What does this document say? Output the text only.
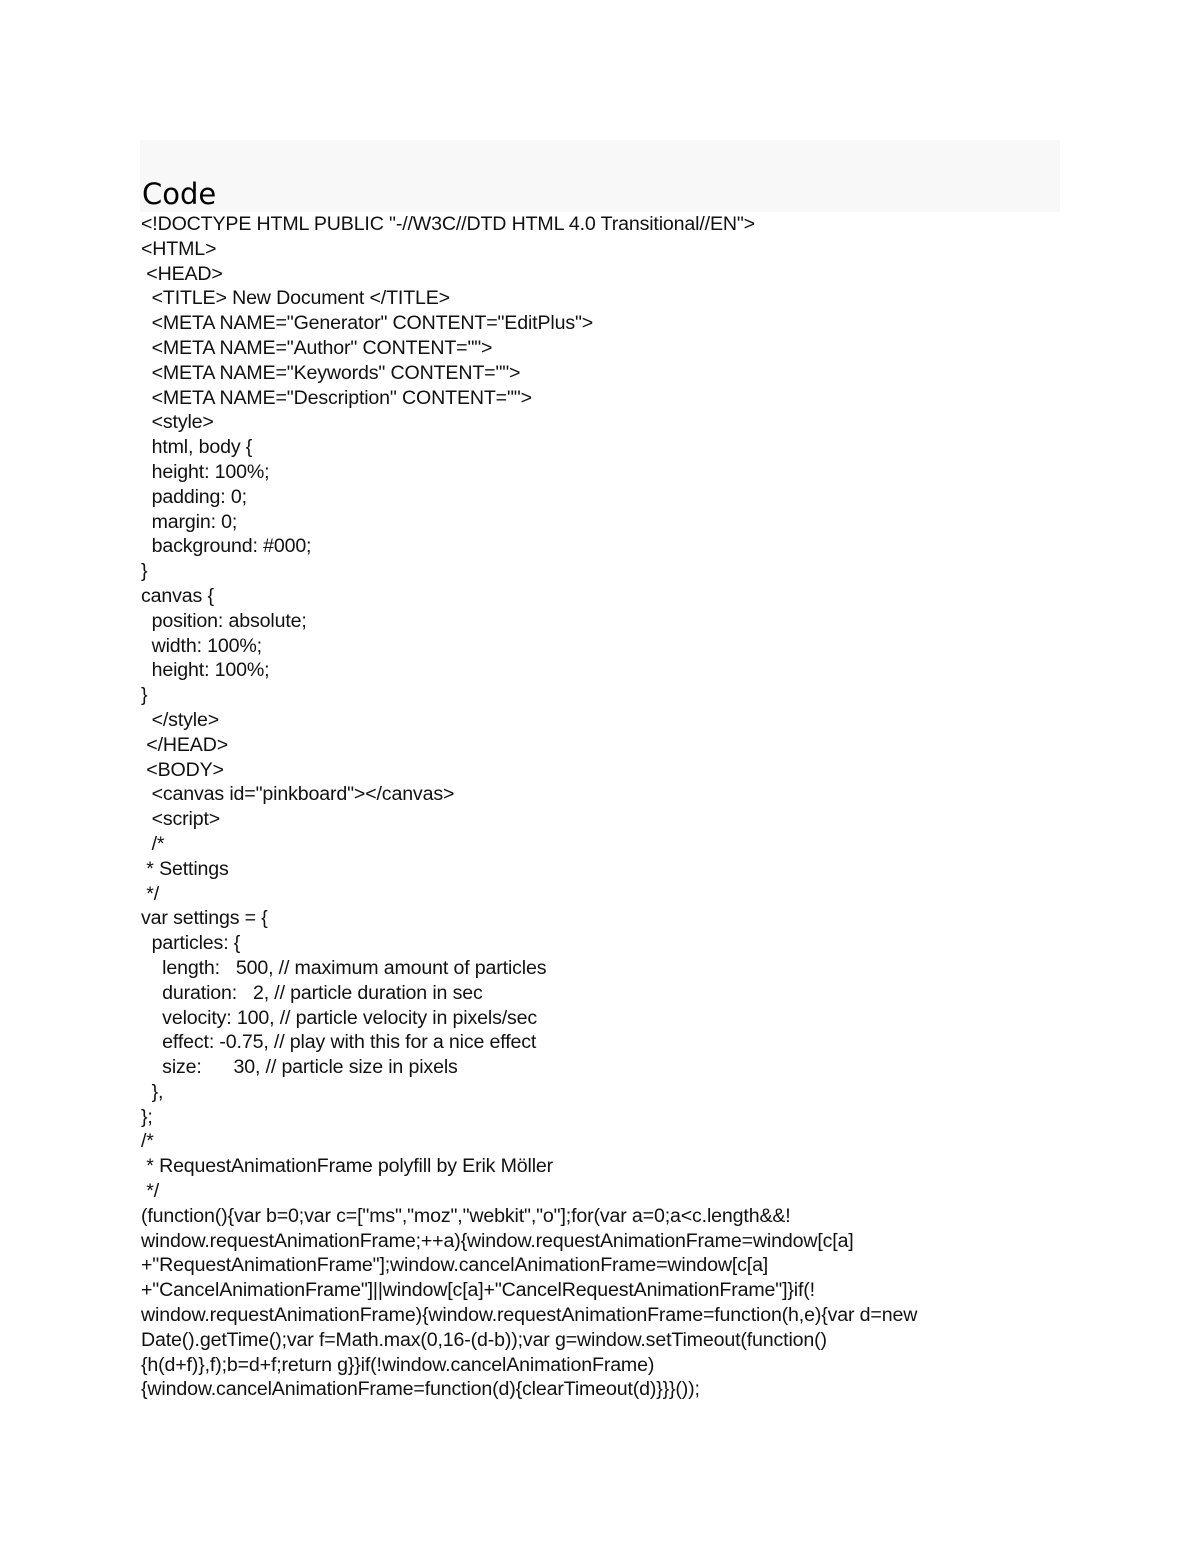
Code
<!DOCTYPE HTML PUBLIC "-//W3C//DTD HTML 4.0 Transitional//EN">
<HTML>
<HEAD>
<TITLE> New Document </TITLE>
<META NAME="Generator" CONTENT="EditPlus">
<META NAME="Author" CONTENT="">
<META NAME="Keywords" CONTENT="">
<META NAME="Description" CONTENT="">
<style>
html, body {
height: 100%;
padding: 0;
margin: 0;
background: #000;
}
canvas {
position: absolute;
width: 100%;
height: 100%;
}
</style>
</HEAD>
<BODY>
<canvas id="pinkboard"></canvas>
<script>
/*
* Settings
*/
var settings = {
particles: {
length:   500, // maximum amount of particles
duration:   2, // particle duration in sec
velocity: 100, // particle velocity in pixels/sec
effect: -0.75, // play with this for a nice effect
size:      30, // particle size in pixels
},
};
/*
* RequestAnimationFrame polyfill by Erik Möller
*/
(function(){var b=0;var c=["ms","moz","webkit","o"];for(var a=0;a<c.length&&!
window.requestAnimationFrame;++a){window.requestAnimationFrame=window[c[a]
+"RequestAnimationFrame"];window.cancelAnimationFrame=window[c[a]
+"CancelAnimationFrame"]||window[c[a]+"CancelRequestAnimationFrame"]}if(!
window.requestAnimationFrame){window.requestAnimationFrame=function(h,e){var d=new
Date().getTime();var f=Math.max(0,16-(d-b));var g=window.setTimeout(function()
{h(d+f)},f);b=d+f;return g}}if(!window.cancelAnimationFrame)
{window.cancelAnimationFrame=function(d){clearTimeout(d)}}}());
